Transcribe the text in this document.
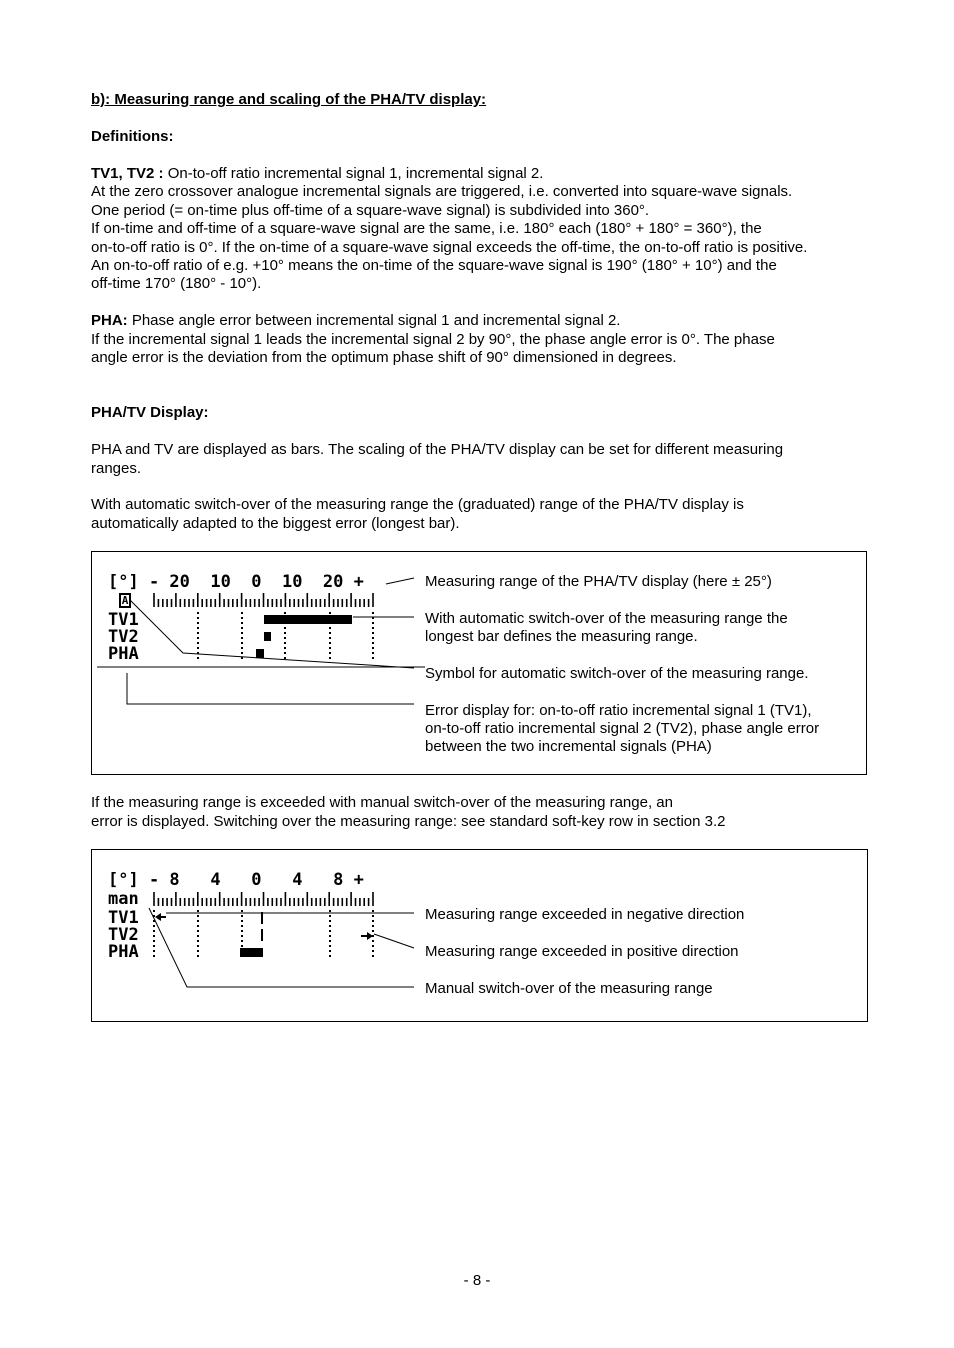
b): Measuring range and scaling of the PHA/TV display:
Definitions:
TV1, TV2 : On-to-off ratio incremental signal 1, incremental signal 2.
At the zero crossover analogue incremental signals are triggered, i.e. converted into square-wave signals.
One period (= on-time plus off-time of a square-wave signal) is subdivided into 360°.
If on-time and off-time of a square-wave signal are the same, i.e. 180° each (180° + 180° = 360°), the
on-to-off ratio is 0°. If the on-time of a square-wave signal exceeds the off-time, the on-to-off ratio is positive.
An on-to-off ratio of e.g. +10° means the on-time of the square-wave signal is 190° (180° + 10°) and the
off-time 170° (180° - 10°).
PHA: Phase angle error between incremental signal 1 and incremental signal 2.
If the incremental signal 1 leads the incremental signal 2 by 90°, the phase angle error is 0°. The phase
angle error is the deviation from the optimum phase shift of 90° dimensioned in degrees.
PHA/TV Display:
PHA and TV are displayed as bars. The scaling of the PHA/TV display can be set for different measuring
ranges.
With automatic switch-over of the measuring range the (graduated) range of the PHA/TV display is
automatically adapted to the biggest error (longest bar).
[°] - 20  10  0  10  20 +
A
TV1
TV2
PHA
Measuring range of the PHA/TV display (here ± 25°)
With automatic switch-over of the measuring range the
longest bar defines the measuring range.
Symbol for automatic switch-over of the measuring range.
Error display for: on-to-off ratio incremental signal 1 (TV1),
on-to-off ratio incremental signal 2 (TV2), phase angle error
between the two incremental signals (PHA)
If the measuring range is exceeded with manual switch-over of the measuring range, an
error is displayed. Switching over the measuring range: see standard soft-key row in section 3.2
[°] - 8   4   0   4   8 +
man
TV1
TV2
PHA
Measuring range exceeded in negative direction
Measuring range exceeded in positive direction
Manual switch-over of the measuring range
- 8 -
